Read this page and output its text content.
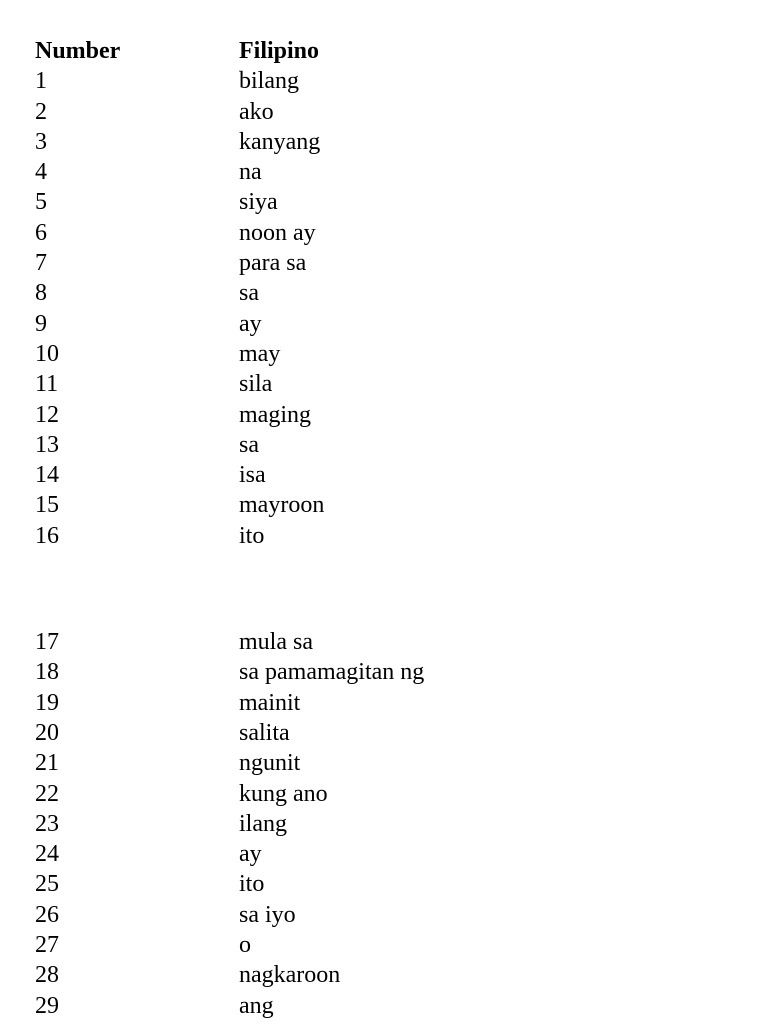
Number	Filipino
1	bilang
2	ako
3	kanyang
4	na
5	siya
6	noon ay
7	para sa
8	sa
9	ay
10	may
11	sila
12	maging
13	sa
14	isa
15	mayroon
16	ito
17	mula sa
18	sa pamamagitan ng
19	mainit
20	salita
21	ngunit
22	kung ano
23	ilang
24	ay
25	ito
26	sa iyo
27	o
28	nagkaroon
29	ang
